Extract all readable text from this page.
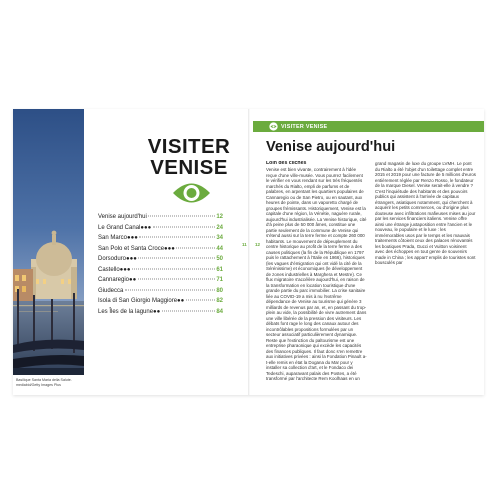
Basilique Santa Maria della Salute. mediabid/Getty Images Plus
VISITER
VENISE
Venise aujourd'hui	12
Le Grand Canal●●●	24
San Marco●●●	34
San Polo et Santa Croce●●●	44
Dorsoduro●●●	50
Castello●●●	61
Cannaregio●●	71
Giudecca	80
Isola di San Giorgio Maggiore●●	82
Les Îles de la lagune●●	84
11 12
VISITER VENISE
Venise aujourd'hui
Loin des clichés

Venise est bien vivante, contrairement à l'idée reçue d'une ville-musée. Vous pourrez facilement le vérifier en vous rendant sur les très fréquentés marchés du Rialto, empli de parfums et de palabres, en arpentant les quartiers populaires de Cannaregio ou de San Pietro, ou en sautant, aux heures de pointe, dans un vaporetto chargé de groupes frémissants. Historiquement, Venise est la capitale d'une région, la Vénétie, naguère rurale, aujourd'hui industrialisée. La Venise historique, cité d'à peine plus de 50 000 âmes, constitue une partie seulement de la commune de Venise qui s'étend aussi sur la terre ferme et compte 260 000 habitants. Le mouvement de dépeuplement du centre historique au profit de la terre ferme a des causes politiques (la fin de la République en 1797 puis le rattachement à l'Italie en 1866), historiques (les vagues d'émigration qui ont vidé la cité de la Sérénissime) et économiques (le développement de zones industrielles à Marghera et Mestre). Ce flux migratoire s'accélère aujourd'hui, en raison de la transformation en location touristique d'une grande partie du parc immobilier. La crise sanitaire liée au COVID-19 a mis à nu l'extrême dépendance de Venise au tourisme qui génère 3 milliards de revenus par an, et, en passant du trop-plein au vide, la possibilité de vivre autrement dans une ville libérée de la pression des visiteurs. Les débats font rage le long des canaux autour des incontrôlables propositions formulées par un secteur associatif particulièrement dynamique. Reste que l'extinction du paltourisme est une entreprise pharaonique qui excède les capacités des finances publiques. Il faut donc s'en remettre aux initiatives privées : ainsi la Fondation Pinault a-t-elle remis en état la Dogana du Mar pour y installer sa collection d'art, et le Fondaco dei Tedeschi, auparavant palais des Postes, a été transformé par l'architecte Rem Koolhaas en un grand magasin de luxe du groupe LVMH. Le pont du Rialto a été l'objet d'un toilettage complet entre 2015 et 2019 pour une facture de 5 millions d'euros entièrement réglée par Renzo Rosso, le fondateur de la marque Diesel. Venise serait-elle à vendre ? C'est l'inquiétude des habitants et des pouvoirs publics qui assistent à l'arrivée de capitaux étrangers, asiatiques notamment, qui cherchent à acquérir les petits commerces, ou d'origine plus douteuse avec infiltrations mafieuses mises au jour par les services financiers italiens. Venise offre ainsi une étrange juxtaposition entre l'ancien et le nouveau, le populaire et le luxe : les immémorables usos par le temps et les mauvais traitements côtoient ceux des palaces rénovantés les boutiques Prada, Gucci et Vuitton voisinent avec des échoppes en tout genre de souvenirs made in China ; les appart' emplis de touristes sont bousculés par
